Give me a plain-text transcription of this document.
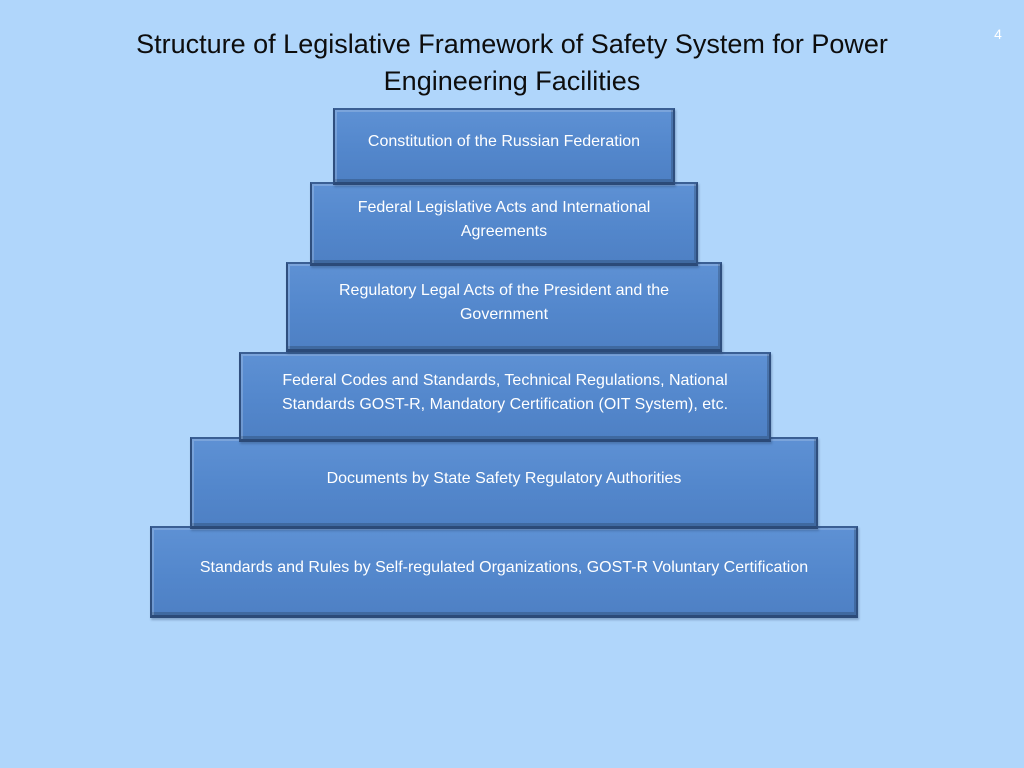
4
Structure of Legislative Framework of Safety System for Power Engineering Facilities
Constitution of the Russian Federation
Federal Legislative Acts and International Agreements
Regulatory Legal Acts of the President and the Government
Federal Codes and Standards, Technical Regulations, National Standards GOST-R, Mandatory Certification (OIT System), etc.
Documents by State Safety Regulatory Authorities
Standards and Rules by Self-regulated Organizations, GOST-R Voluntary Certification
